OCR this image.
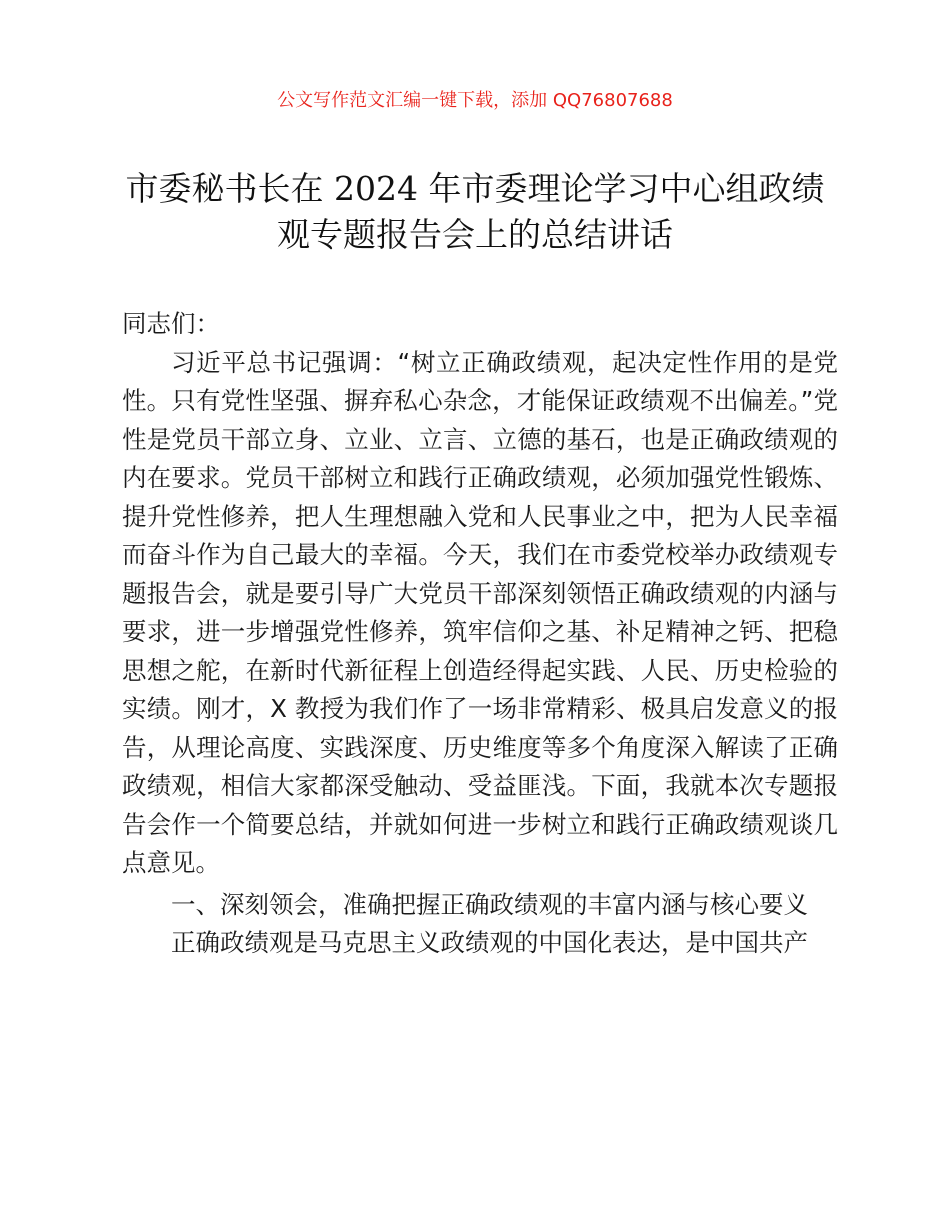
公文写作范文汇编一键下载，添加 QQ76807688
市委秘书长在 2024 年市委理论学习中心组政绩
观专题报告会上的总结讲话

同志们：

习近平总书记强调：“树立正确政绩观，起决定性作用的是党性。只有党性坚强、摒弃私心杂念，才能保证政绩观不出偏差。”党性是党员干部立身、立业、立言、立德的基石，也是正确政绩观的内在要求。党员干部树立和践行正确政绩观，必须加强党性锻炼、提升党性修养，把人生理想融入党和人民事业之中，把为人民幸福而奋斗作为自己最大的幸福。今天，我们在市委党校举办政绩观专题报告会，就是要引导广大党员干部深刻领悟正确政绩观的内涵与要求，进一步增强党性修养，筑牢信仰之基、补足精神之钙、把稳思想之舵，在新时代新征程上创造经得起实践、人民、历史检验的实绩。刚才，X 教授为我们作了一场非常精彩、极具启发意义的报告，从理论高度、实践深度、历史维度等多个角度深入解读了正确政绩观，相信大家都深受触动、受益匪浅。下面，我就本次专题报告会作一个简要总结，并就如何进一步树立和践行正确政绩观谈几点意见。

一、深刻领会，准确把握正确政绩观的丰富内涵与核心要义

正确政绩观是马克思主义政绩观的中国化表达，是中国共产
